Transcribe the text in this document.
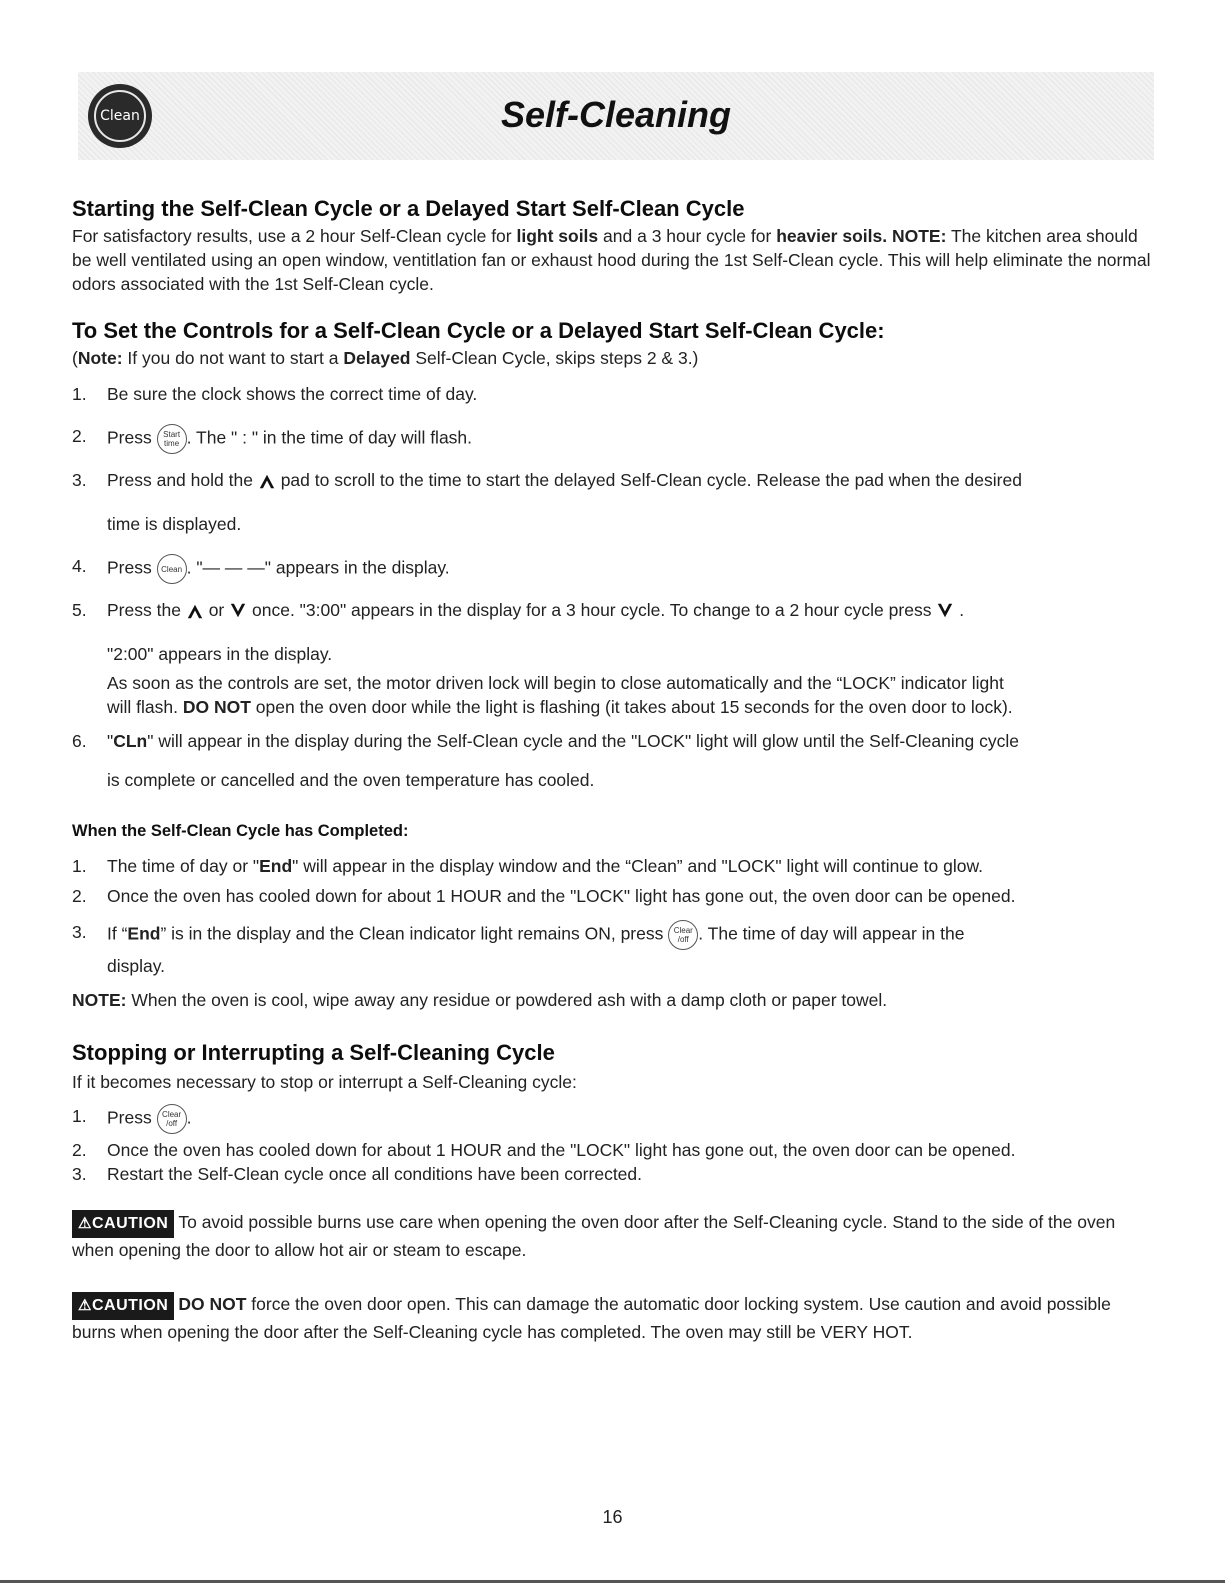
Clean	Self-Cleaning
Starting the Self-Clean Cycle or a Delayed Start Self-Clean Cycle

For satisfactory results, use a 2 hour Self-Clean cycle for light soils and a 3 hour cycle for heavier soils. NOTE: The kitchen area should be well ventilated using an open window, ventitlation fan or exhaust hood during the 1st Self-Clean cycle. This will help eliminate the normal odors associated with the 1st Self-Clean cycle.

To Set the Controls for a Self-Clean Cycle or a Delayed Start Self-Clean Cycle:
(Note: If you do not want to start a Delayed Self-Clean Cycle, skips steps 2 & 3.)
1. Be sure the clock shows the correct time of day.
2. Press Start
time . The " : " in the time of day will flash.
3. Press and hold the pad to scroll to the time to start the delayed Self-Clean cycle. Release the pad when the desired
time is displayed.
4. Press Clean . "— — —" appears in the display.
5. Press the or once. "3:00" appears in the display for a 3 hour cycle. To change to a 2 hour cycle press .
"2:00" appears in the display.
As soon as the controls are set, the motor driven lock will begin to close automatically and the “LOCK” indicator light
will flash. DO NOT open the oven door while the light is flashing (it takes about 15 seconds for the oven door to lock).
6. "CLn" will appear in the display during the Self-Clean cycle and the "LOCK" light will glow until the Self-Cleaning cycle
is complete or cancelled and the oven temperature has cooled.
When the Self-Clean Cycle has Completed:
1. The time of day or "End" will appear in the display window and the “Clean” and "LOCK" light will continue to glow.
2. Once the oven has cooled down for about 1 HOUR and the "LOCK" light has gone out, the oven door can be opened.
3. If “End” is in the display and the Clean indicator light remains ON, press Clear
/off . The time of day will appear in the
display.
NOTE: When the oven is cool, wipe away any residue or powdered ash with a damp cloth or paper towel.
Stopping or Interrupting a Self-Cleaning Cycle
If it becomes necessary to stop or interrupt a Self-Cleaning cycle:
1. Press Clear
/off .
2. Once the oven has cooled down for about 1 HOUR and the "LOCK" light has gone out, the oven door can be opened.
3. Restart the Self-Clean cycle once all conditions have been corrected.

⚠CAUTION To avoid possible burns use care when opening the oven door after the Self-Cleaning cycle. Stand to the side of the oven when opening the door to allow hot air or steam to escape.

⚠CAUTION DO NOT force the oven door open. This can damage the automatic door locking system. Use caution and avoid possible burns when opening the door after the Self-Cleaning cycle has completed. The oven may still be VERY HOT.

16
